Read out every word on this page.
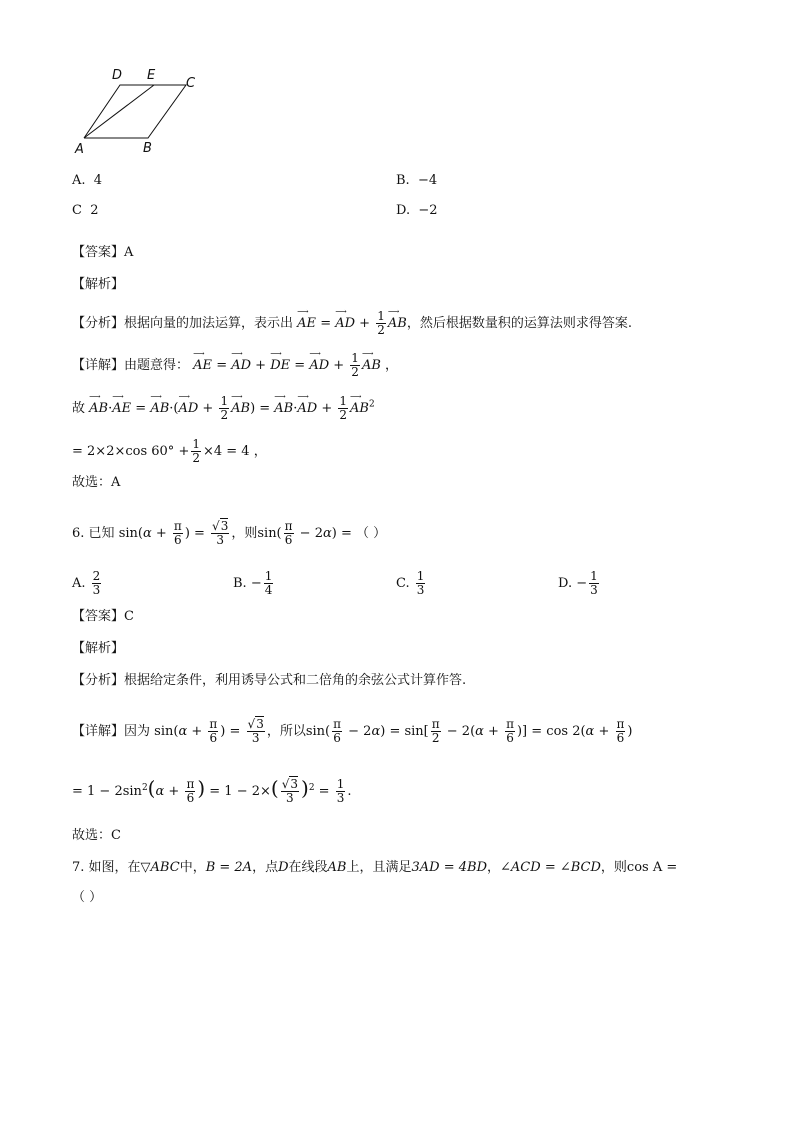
D E
C
A	B
A. 4	B. −4
C 2	D. −2
【答案】A
【解析】
【分析】根据向量的加法运算，表示出 ⟶ AE = ⟶ AD + $\frac{1}{2}$ ⟶ AB，然后根据数量积的运算法则求得答案.
【详解】由题意得： ⟶ AE = ⟶ AD + ⟶ DE = ⟶ AD + $\frac{1}{2}$ ⟶ AB ，
故 ⟶ AB·⟶ AE = ⟶ AB·(⟶ AD + $\frac{1}{2}$ ⟶ AB) = ⟶ AB·⟶ AD + $\frac{1}{2}$ ⟶ $AB^2$
= 2×2×cos $60^\circ + \frac{1}{2} \times 4 = 4$ ，
故选：A
6. 已知 $\sin(\alpha + \frac{\pi}{6}$ ) = $\frac{√3}{3}$ ，则$\sin( \frac{\pi}{6} - 2\alpha)$ = （ ）
A. $\frac{2}{3}$	B. − $\frac{1}{4}$	C. $\frac{1}{3}$	D. − $\frac{1}{3}$
【答案】C
【解析】
【分析】根据给定条件，利用诱导公式和二倍角的余弦公式计算作答.
【详解】因为 $\sin(\alpha + \frac{\pi}{6}$ ) = $\frac{√3}{3}$ ，所以$\sin( \frac{\pi}{6} - 2\alpha) = \sin[ \frac{\pi}{2} - 2(\alpha + \frac{\pi}{6}$ )] = $\cos 2(\alpha + \frac{\pi}{6}$ )
= $1 - 2\sin^2(\alpha + \frac{\pi}{6}$ ) = $1 - 2\times( \frac{√3}{3} )^2 = \frac{1}{3}$ .
故选：C
7. 如图，在▽ABC中，B = 2A，点D在线段AB上，且满足3AD = 4BD，∠ACD = ∠BCD，则cos A =
（ ）
